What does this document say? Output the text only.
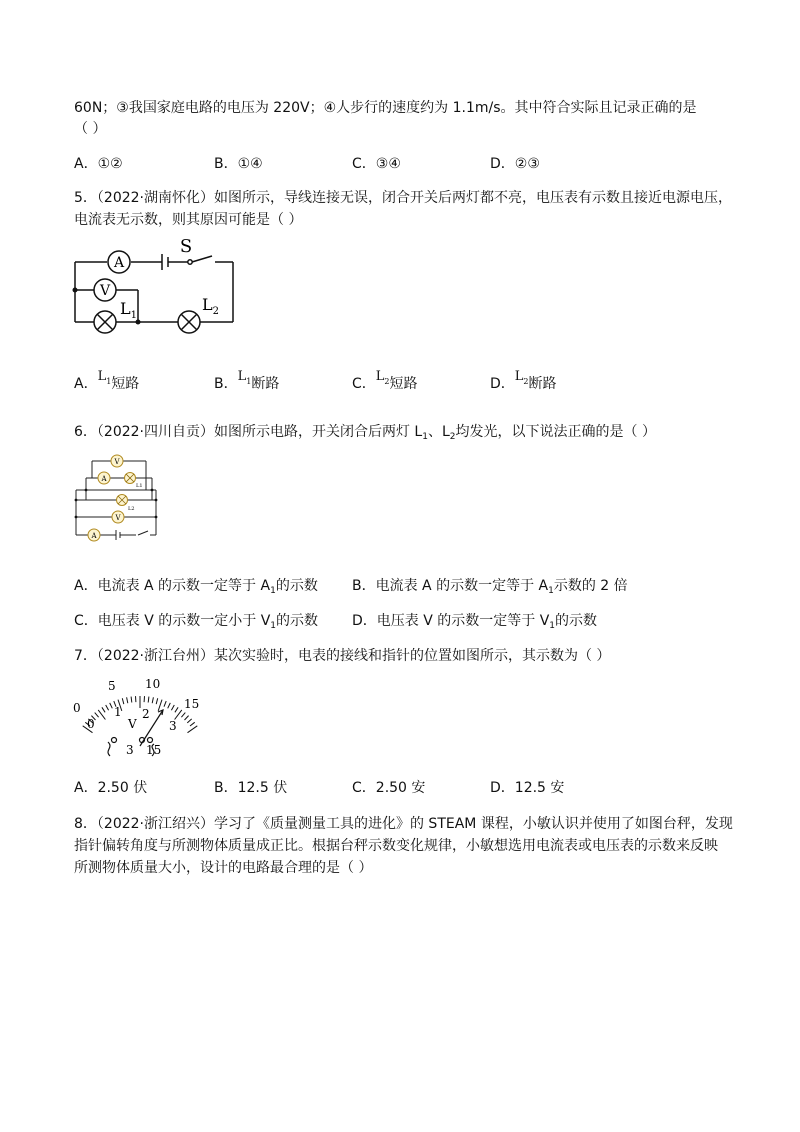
60N；③我国家庭电路的电压为 220V；④人步行的速度约为 1.1m/s。其中符合实际且记录正确的是
（ ）
A．①②	B．①④	C．③④	D．②③
5．（2022·湖南怀化）如图所示，导线连接无误，闭合开关后两灯都不亮，电压表有示数且接近电源电压，
电流表无示数，则其原因可能是（ ）
A
V
S
$L_1$
$L_2$
A．$L_1$短路	B．$L_1$断路	C．$L_2$短路	D．$L_2$断路
6．（2022·四川自贡）如图所示电路，开关闭合后两灯 $L_1$、$L_2$均发光，以下说法正确的是（ ）
V
A
L1
L2
V
A
A．电流表 A 的示数一定等于 $A_1$的示数 B．电流表 A 的示数一定等于 $A_1$示数的 2 倍
C．电压表 V 的示数一定小于 $V_1$的示数 D．电压表 V 的示数一定等于 $V_1$的示数
7．（2022·浙江台州）某次实验时，电表的接线和指针的位置如图所示，其示数为（ ）
0
5 10
15
0
1 2
3
V
3 15
A．2.50 伏	B．12.5 伏	C．2.50 安	D．12.5 安
8．（2022·浙江绍兴）学习了《质量测量工具的进化》的 STEAM 课程，小敏认识并使用了如图台秤，发现
指针偏转角度与所测物体质量成正比。根据台秤示数变化规律，小敏想选用电流表或电压表的示数来反映
所测物体质量大小，设计的电路最合理的是（ ）
